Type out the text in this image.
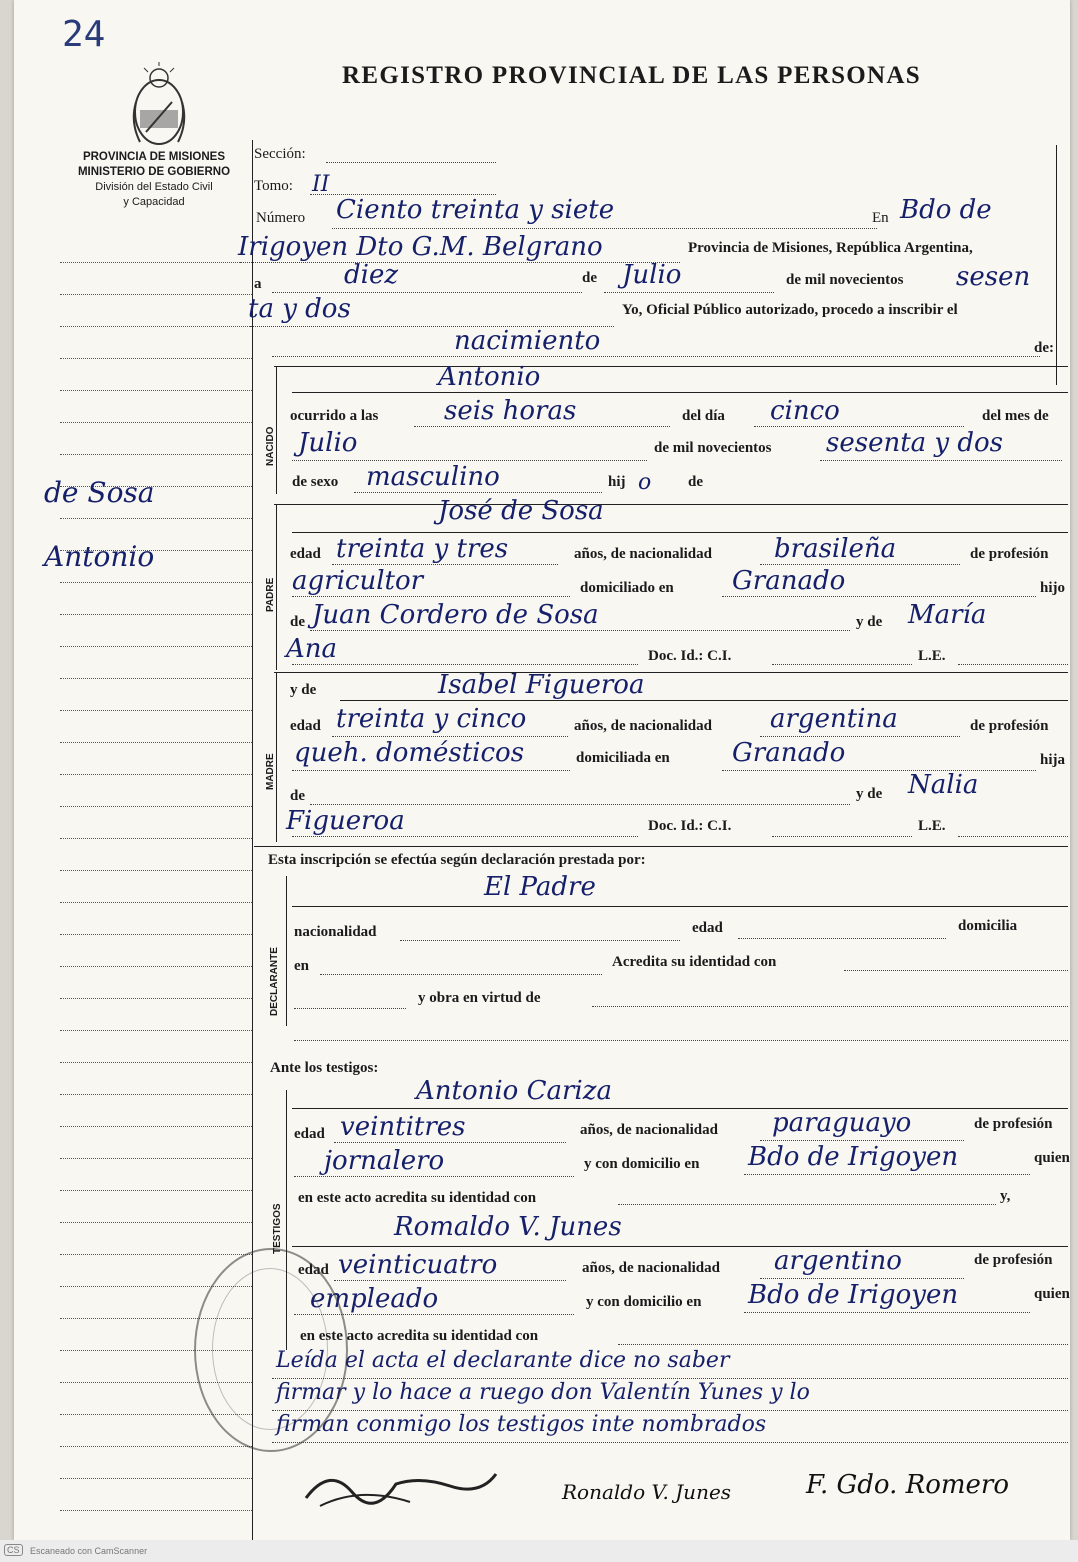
24
REGISTRO PROVINCIAL DE LAS PERSONAS
PROVINCIA DE MISIONES
MINISTERIO DE GOBIERNO
División del Estado Civil
y Capacidad
de Sosa
Antonio
Sección:
Tomo: II
Número Ciento treinta y siete	En Bdo de
Irigoyen Dto G.M. Belgrano	Provincia de Misiones, República Argentina,
a	diez	de Julio	de mil novecientos sesen
ta y dos	Yo, Oficial Público autorizado, procedo a inscribir el
nacimiento	de:
NACIDO
Antonio
ocurrido a las	seis horas	del día cinco	del mes de
Julio	de mil novecientos sesenta y dos
de sexo masculino	hij o de
PADRE
José de Sosa
edad treinta y tres	años, de nacionalidad brasileña	de profesión
agricultor	domiciliado en Granado	hijo
de Juan Cordero de Sosa	y de María
Ana	Doc. Id.: C.I.	L.E.
MADRE
y de	Isabel Figueroa
edad treinta y cinco	años, de nacionalidad argentina	de profesión
queh. domésticos	domiciliada en Granado	hija
de	y de Nalia
Figueroa	Doc. Id.: C.I.	L.E.
Esta inscripción se efectúa según declaración prestada por:
DECLARANTE
El Padre
nacionalidad	edad	domicilia
en	Acredita su identidad con
y obra en virtud de
Ante los testigos:
TESTIGOS
Antonio Cariza
edad veintitres	años, de nacionalidad paraguayo	de profesión
jornalero	y con domicilio en Bdo de Irigoyen	quien
en este acto acredita su identidad con	y,
Romaldo V. Junes
edad veinticuatro	años, de nacionalidad argentino	de profesión
empleado	y con domicilio en Bdo de Irigoyen	quien
en este acto acredita su identidad con
Leída el acta el declarante dice no saber
firmar y lo hace a ruego don Valentín Yunes y lo
firman conmigo los testigos inte nombrados
Ronaldo V. Junes	F. Gdo. Romero
CS	Escaneado con CamScanner
